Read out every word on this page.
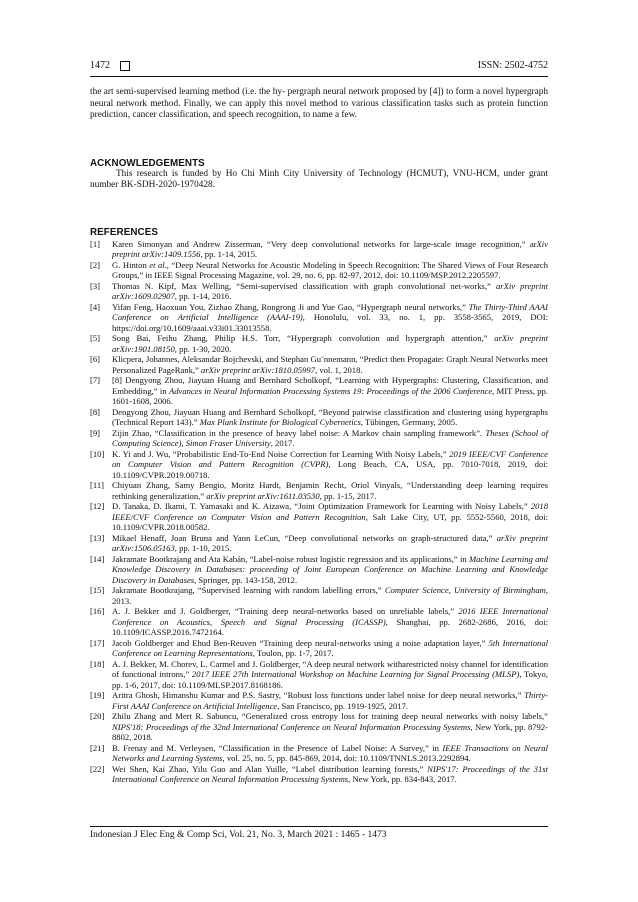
1472	ISSN: 2502-4752

the art semi-supervised learning method (i.e. the hy- pergraph neural network proposed by [4]) to form a novel hypergraph neural network method. Finally, we can apply this novel method to various classification tasks such as protein function prediction, cancer classification, and speech recognition, to name a few.

ACKNOWLEDGEMENTS

This research is funded by Ho Chi Minh City University of Technology (HCMUT), VNU-HCM, under grant number BK-SDH-2020-1970428.

REFERENCES
[1]	Karen Simonyan and Andrew Zisserman, “Very deep convolutional networks for large-scale image recognition,” arXiv preprint arXiv:1409.1556, pp. 1-14, 2015.
[2]	G. Hinton et al., “Deep Neural Networks for Acoustic Modeling in Speech Recognition: The Shared Views of Four Research Groups,” in IEEE Signal Processing Magazine, vol. 29, no. 6, pp. 82-97, 2012, doi: 10.1109/MSP.2012.2205597.
[3]	Thomas N. Kipf, Max Welling, “Semi-supervised classification with graph convolutional net-works,” arXiv preprint arXiv:1609.02907, pp. 1-14, 2016.
[4]	Yifan Feng, Haoxuan You, Zizhao Zhang, Rongrong Ji and Yue Gao, “Hypergraph neural networks,” The Thirty-Third AAAI Conference on Artificial Intelligence (AAAI-19), Honolulu, vol. 33, no. 1, pp. 3558-3565, 2019, DOI: https://doi.org/10.1609/aaai.v33i01.33013558.
[5]	Song Bai, Feihu Zhang, Philip H.S. Torr, “Hypergraph convolution and hypergraph attention,” arXiv preprint arXiv:1901.08150, pp. 1-30, 2020.
[6]	Klicpera, Johannes, Aleksandar Bojchevski, and Stephan Gu¨nnemann, “Predict then Propagate: Graph Neural Networks meet Personalized PageRank,” arXiv preprint arXiv:1810.05997, vol. 1, 2018.
[7]	[8] Dengyong Zhou, Jiayuan Huang and Bernhard Scholkopf, “Learning with Hypergraphs: Clustering, Classification, and Embedding,” in Advances in Neural Information Processing Systems 19: Proceedings of the 2006 Conference, MIT Press, pp. 1601-1608, 2006.
[8]	Dengyong Zhou, Jiayuan Huang and Bernhard Scholkopf, “Beyond pairwise classification and clustering using hypergraphs (Technical Report 143).” Max Plank Institute for Biological Cybernetics, Tübingen, Germany, 2005.
[9]	Zijin Zhao, “Classification in the presence of heavy label noise: A Markov chain sampling framework”. Theses (School of Computing Science), Simon Fraser University, 2017.
[10] K. Yi and J. Wu, “Probabilistic End-To-End Noise Correction for Learning With Noisy Labels,” 2019 IEEE/CVF Conference on Computer Vision and Pattern Recognition (CVPR), Long Beach, CA, USA, pp. 7010-7018, 2019, doi: 10.1109/CVPR.2019.00718.
[11] Chiyuan Zhang, Samy Bengio, Moritz Hardt, Benjamin Recht, Oriol Vinyals, “Understanding deep learning requires rethinking generalization,” arXiv preprint arXiv:1611.03530, pp. 1-15, 2017.
[12] D. Tanaka, D. Ikami, T. Yamasaki and K. Aizawa, “Joint Optimization Framework for Learning with Noisy Labels,” 2018 IEEE/CVF Conference on Computer Vision and Pattern Recognition, Salt Lake City, UT, pp. 5552-5560, 2018, doi: 10.1109/CVPR.2018.00582.
[13] Mikael Henaff, Joan Bruna and Yann LeCun, “Deep convolutional networks on graph-structured data,” arXiv preprint arXiv:1506.05163, pp. 1-10, 2015.
[14] Jakramate Bootkrajang and Ata Kabán, “Label-noise robust logistic regression and its applications,” in Machine Learning and Knowledge Discovery in Databases: proceeding of Joint European Conference on Machine Learning and Knowledge Discovery in Databases, Springer, pp. 143-158, 2012.
[15] Jakramate Bootkrajang, “Supervised learning with random labelling errors,” Computer Science, University of Birmingham, 2013.
[16] A. J. Bekker and J. Goldberger, “Training deep neural-networks based on unreliable labels,” 2016 IEEE International Conference on Acoustics, Speech and Signal Processing (ICASSP), Shanghai, pp. 2682-2686, 2016, doi: 10.1109/ICASSP.2016.7472164.
[17] Jacob Goldberger and Ehud Ben-Reuven “Training deep neural-networks using a noise adaptation layer,” 5th International Conference on Learning Representations, Toulon, pp. 1-7, 2017.
[18] A. J. Bekker, M. Chorev, L. Carmel and J. Goldberger, “A deep neural network witharestricted noisy channel for identification of functional introns,” 2017 IEEE 27th International Workshop on Machine Learning for Signal Processing (MLSP), Tokyo, pp. 1-6, 2017, doi: 10.1109/MLSP.2017.8168186.
[19] Aritra Ghosh, Himanshu Kumar and P.S. Sastry, “Robust loss functions under label noise for deep neural networks,” Thirty-First AAAI Conference on Artificial Intelligence, San Francisco, pp. 1919-1925, 2017.
[20] Zhilu Zhang and Mert R. Sabuncu, “Generalized cross entropy loss for training deep neural networks with noisy labels,” NIPS'18: Proceedings of the 32nd International Conference on Neural Information Processing Systems, New York, pp. 8792-8802, 2018.
[21] B. Frenay and M. Verleysen, “Classification in the Presence of Label Noise: A Survey,” in IEEE Transactions on Neural Networks and Learning Systems, vol. 25, no. 5, pp. 845-869, 2014, doi: 10.1109/TNNLS.2013.2292894.
[22] Wei Shen, Kai Zhao, Yilu Guo and Alan Yuille, “Label distribution learning forests,” NIPS'17: Proceedings of the 31st International Conference on Neural Information Processing Systems, New York, pp. 834-843, 2017.
Indonesian J Elec Eng & Comp Sci, Vol. 21, No. 3, March 2021 : 1465 - 1473
